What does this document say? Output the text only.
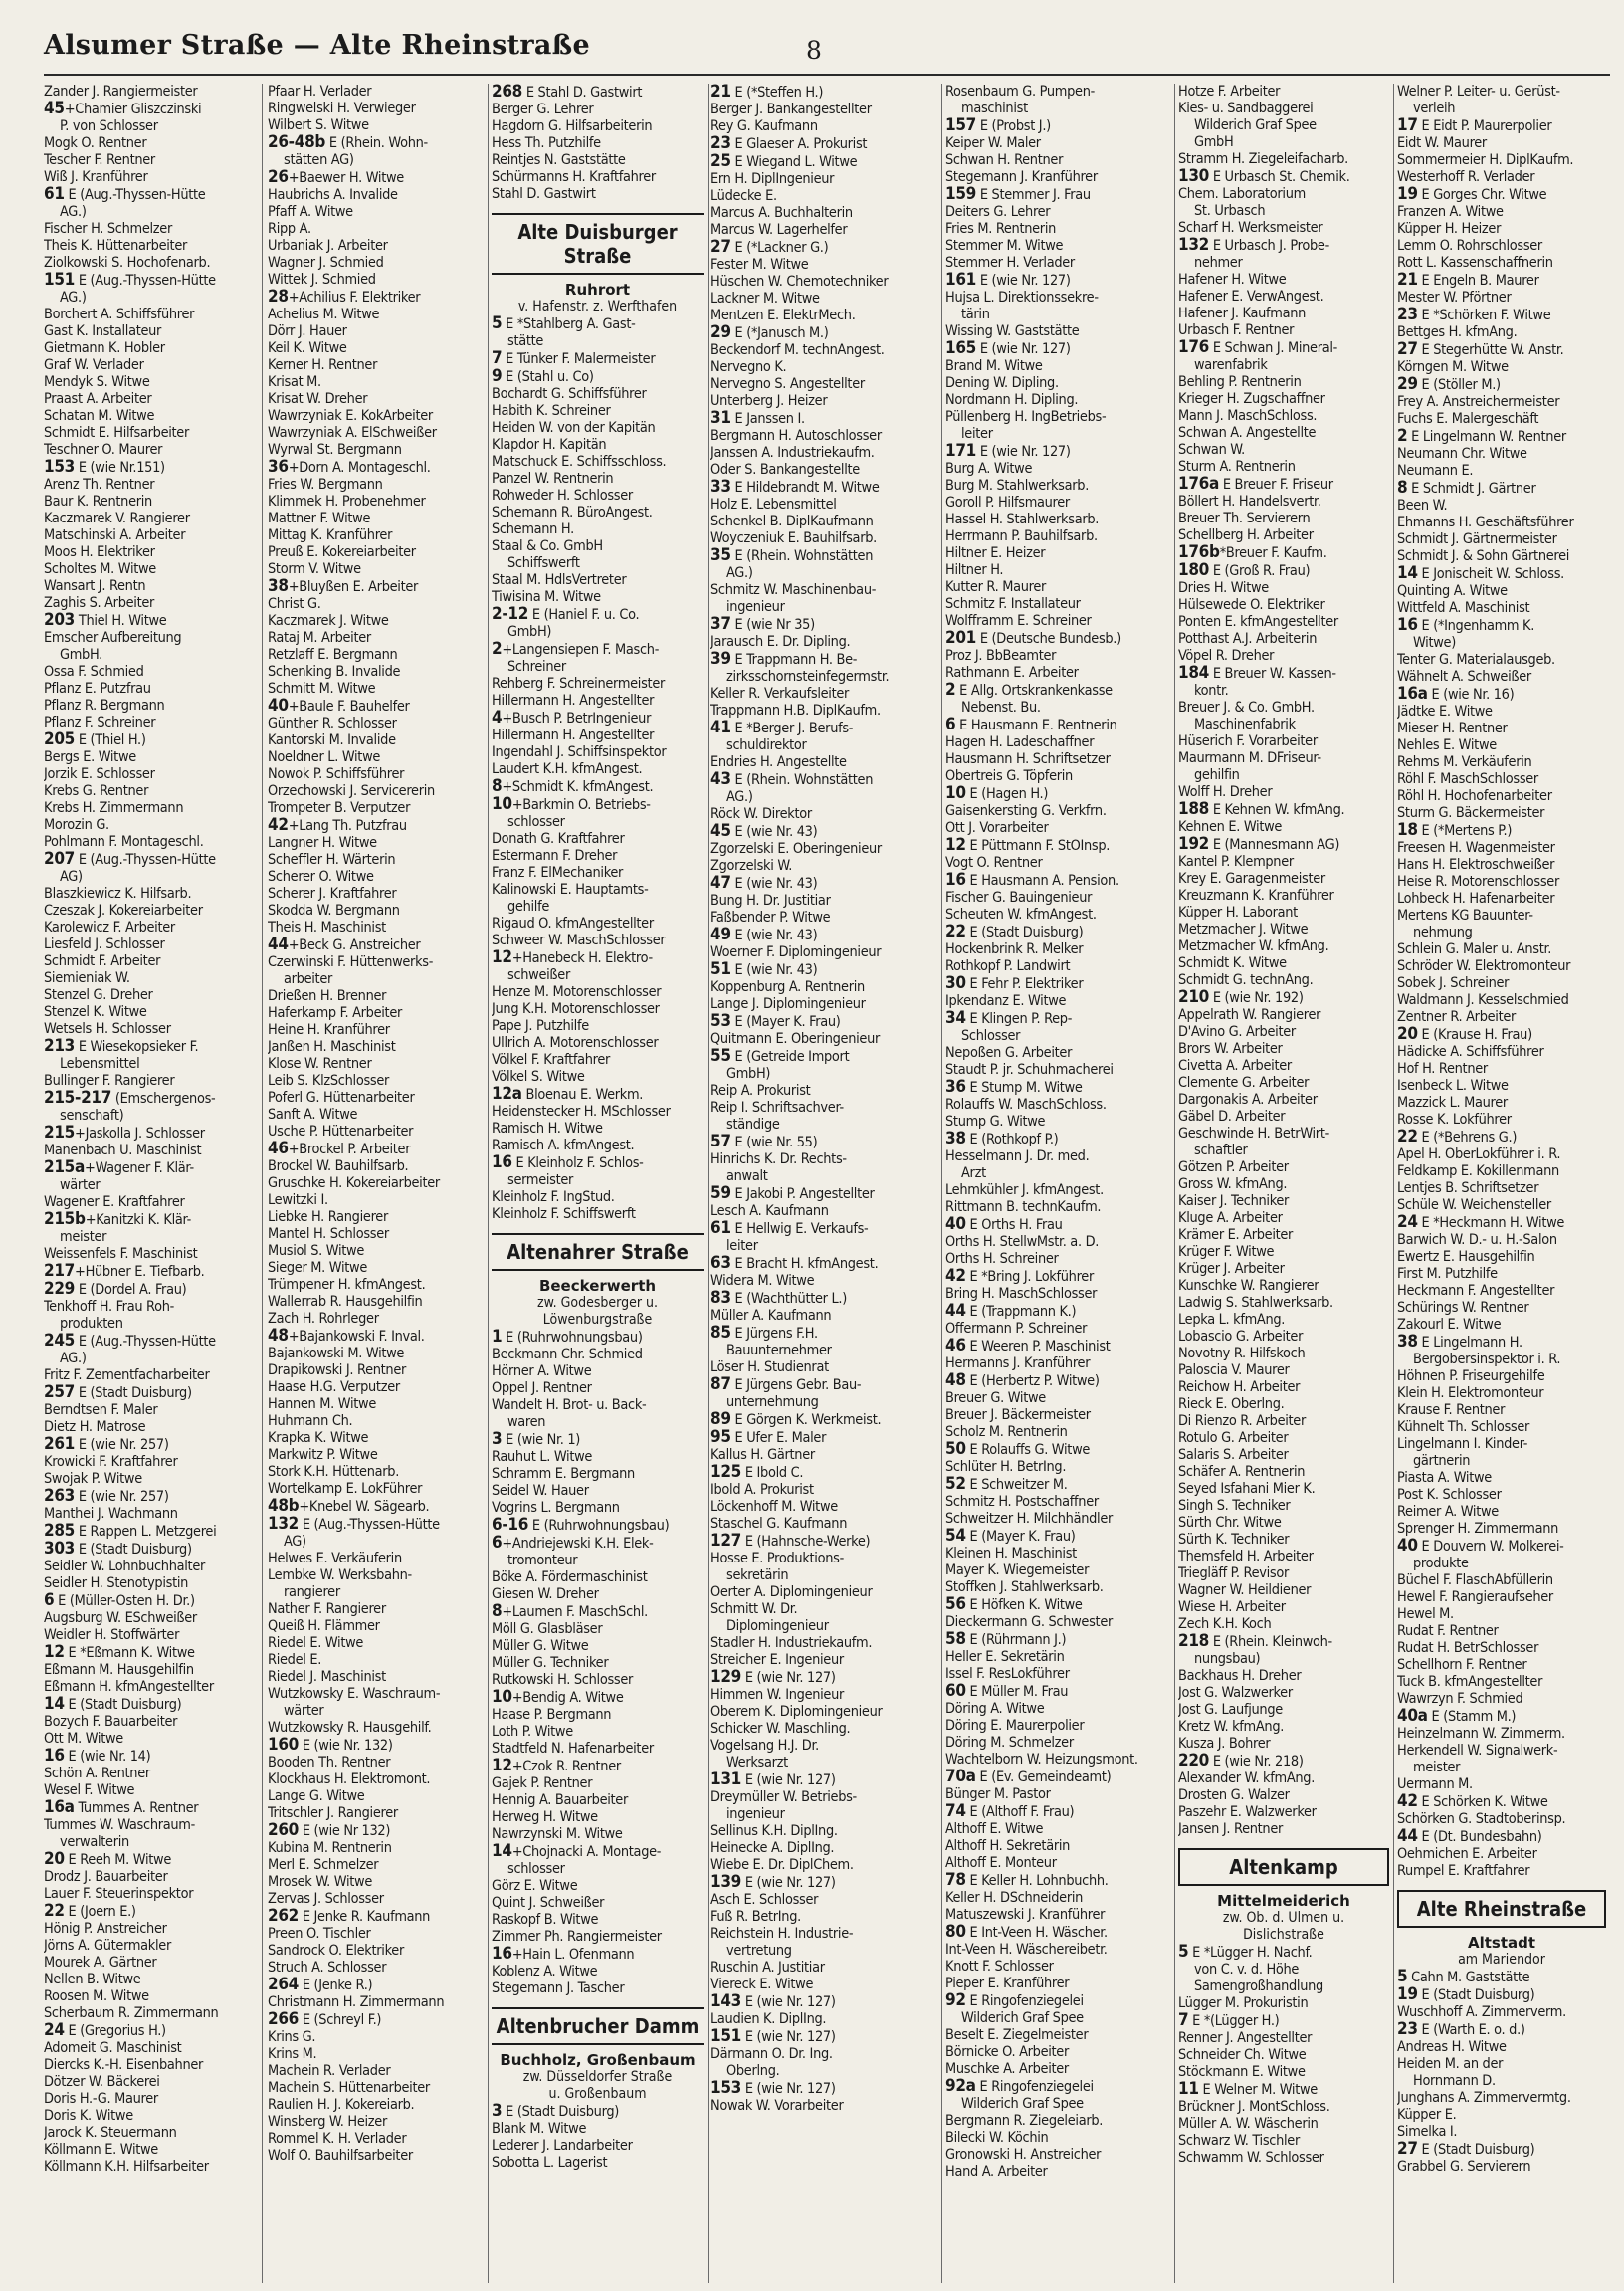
Alsumer Straße — Alte Rheinstraße	8
Zander J. Rangiermeister
45+Chamier Gliszczinski
P. von Schlosser
Mogk O. Rentner
Tescher F. Rentner
Wiß J. Kranführer
61 E (Aug.-Thyssen-Hütte
AG.)
Fischer H. Schmelzer
Theis K. Hüttenarbeiter
Ziolkowski S. Hochofenarb.
151 E (Aug.-Thyssen-Hütte
AG.)
Borchert A. Schiffsführer
Gast K. Installateur
Gietmann K. Hobler
Graf W. Verlader
Mendyk S. Witwe
Praast A. Arbeiter
Schatan M. Witwe
Schmidt E. Hilfsarbeiter
Teschner O. Maurer
153 E (wie Nr.151)
Arenz Th. Rentner
Baur K. Rentnerin
Kaczmarek V. Rangierer
Matschinski A. Arbeiter
Moos H. Elektriker
Scholtes M. Witwe
Wansart J. Rentn
Zaghis S. Arbeiter
203 Thiel H. Witwe
Emscher Aufbereitung
GmbH.
Ossa F. Schmied
Pflanz E. Putzfrau
Pflanz R. Bergmann
Pflanz F. Schreiner
205 E (Thiel H.)
Bergs E. Witwe
Jorzik E. Schlosser
Krebs G. Rentner
Krebs H. Zimmermann
Morozin G.
Pohlmann F. Montageschl.
207 E (Aug.-Thyssen-Hütte
AG)
Blaszkiewicz K. Hilfsarb.
Czeszak J. Kokereiarbeiter
Karolewicz F. Arbeiter
Liesfeld J. Schlosser
Schmidt F. Arbeiter
Siemieniak W.
Stenzel G. Dreher
Stenzel K. Witwe
Wetsels H. Schlosser
213 E Wiesekopsieker F.
Lebensmittel
Bullinger F. Rangierer
215-217 (Emschergenos-
senschaft)
215+Jaskolla J. Schlosser
Manenbach U. Maschinist
215a+Wagener F. Klär-
wärter
Wagener E. Kraftfahrer
215b+Kanitzki K. Klär-
meister
Weissenfels F. Maschinist
217+Hübner E. Tiefbarb.
229 E (Dordel A. Frau)
Tenkhoff H. Frau Roh-
produkten
245 E (Aug.-Thyssen-Hütte
AG.)
Fritz F. Zementfacharbeiter
257 E (Stadt Duisburg)
Berndtsen F. Maler
Dietz H. Matrose
261 E (wie Nr. 257)
Krowicki F. Kraftfahrer
Swojak P. Witwe
263 E (wie Nr. 257)
Manthei J. Wachmann
285 E Rappen L. Metzgerei
303 E (Stadt Duisburg)
Seidler W. Lohnbuchhalter
Seidler H. Stenotypistin
6 E (Müller-Osten H. Dr.)
Augsburg W. ESchweißer
Weidler H. Stoffwärter
12 E *Eßmann K. Witwe
Eßmann M. Hausgehilfin
Eßmann H. kfmAngestellter
14 E (Stadt Duisburg)
Bozych F. Bauarbeiter
Ott M. Witwe
16 E (wie Nr. 14)
Schön A. Rentner
Wesel F. Witwe
16a Tummes A. Rentner
Tummes W. Waschraum-
verwalterin
20 E Reeh M. Witwe
Drodz J. Bauarbeiter
Lauer F. Steuerinspektor
22 E (Joern E.)
Hönig P. Anstreicher
Jörns A. Gütermakler
Mourek A. Gärtner
Nellen B. Witwe
Roosen M. Witwe
Scherbaum R. Zimmermann
24 E (Gregorius H.)
Adomeit G. Maschinist
Diercks K.-H. Eisenbahner
Dötzer W. Bäckerei
Doris H.-G. Maurer
Doris K. Witwe
Jarock K. Steuermann
Köllmann E. Witwe
Köllmann K.H. Hilfsarbeiter
Pfaar H. Verlader
Ringwelski H. Verwieger
Wilbert S. Witwe
26-48b E (Rhein. Wohn-
stätten AG)
26+Baewer H. Witwe
Haubrichs A. Invalide
Pfaff A. Witwe
Ripp A.
Urbaniak J. Arbeiter
Wagner J. Schmied
Wittek J. Schmied
28+Achilius F. Elektriker
Achelius M. Witwe
Dörr J. Hauer
Keil K. Witwe
Kerner H. Rentner
Krisat M.
Krisat W. Dreher
Wawrzyniak E. KokArbeiter
Wawrzyniak A. ElSchweißer
Wyrwal St. Bergmann
36+Dorn A. Montageschl.
Fries W. Bergmann
Klimmek H. Probenehmer
Mattner F. Witwe
Mittag K. Kranführer
Preuß E. Kokereiarbeiter
Storm V. Witwe
38+Bluyßen E. Arbeiter
Christ G.
Kaczmarek J. Witwe
Rataj M. Arbeiter
Retzlaff E. Bergmann
Schenking B. Invalide
Schmitt M. Witwe
40+Baule F. Bauhelfer
Günther R. Schlosser
Kantorski M. Invalide
Noeldner L. Witwe
Nowok P. Schiffsführer
Orzechowski J. Servicererin
Trompeter B. Verputzer
42+Lang Th. Putzfrau
Langner H. Witwe
Scheffler H. Wärterin
Scherer O. Witwe
Scherer J. Kraftfahrer
Skodda W. Bergmann
Theis H. Maschinist
44+Beck G. Anstreicher
Czerwinski F. Hüttenwerks-
arbeiter
Drießen H. Brenner
Haferkamp F. Arbeiter
Heine H. Kranführer
Janßen H. Maschinist
Klose W. Rentner
Leib S. KlzSchlosser
Poferl G. Hüttenarbeiter
Sanft A. Witwe
Usche P. Hüttenarbeiter
46+Brockel P. Arbeiter
Brockel W. Bauhilfsarb.
Gruschke H. Kokereiarbeiter
Lewitzki I.
Liebke H. Rangierer
Mantel H. Schlosser
Musiol S. Witwe
Sieger M. Witwe
Trümpener H. kfmAngest.
Wallerrab R. Hausgehilfin
Zach H. Rohrleger
48+Bajankowski F. Inval.
Bajankowski M. Witwe
Drapikowski J. Rentner
Haase H.G. Verputzer
Hannen M. Witwe
Huhmann Ch.
Krapka K. Witwe
Markwitz P. Witwe
Stork K.H. Hüttenarb.
Wortelkamp E. LokFührer
48b+Knebel W. Sägearb.
132 E (Aug.-Thyssen-Hütte
AG)
Helwes E. Verkäuferin
Lembke W. Werksbahn-
rangierer
Nather F. Rangierer
Queiß H. Flämmer
Riedel E. Witwe
Riedel E.
Riedel J. Maschinist
Wutzkowsky E. Waschraum-
wärter
Wutzkowsky R. Hausgehilf.
160 E (wie Nr. 132)
Booden Th. Rentner
Klockhaus H. Elektromont.
Lange G. Witwe
Tritschler J. Rangierer
260 E (wie Nr 132)
Kubina M. Rentnerin
Merl E. Schmelzer
Mrosek W. Witwe
Zervas J. Schlosser
262 E Jenke R. Kaufmann
Preen O. Tischler
Sandrock O. Elektriker
Struch A. Schlosser
264 E (Jenke R.)
Christmann H. Zimmermann
266 E (Schreyl F.)
Krins G.
Krins M.
Machein R. Verlader
Machein S. Hüttenarbeiter
Raulien H. J. Kokereiarb.
Winsberg W. Heizer
Rommel K. H. Verlader
Wolf O. Bauhilfsarbeiter
268 E Stahl D. Gastwirt
Berger G. Lehrer
Hagdorn G. Hilfsarbeiterin
Hess Th. Putzhilfe
Reintjes N. Gaststätte
Schürmanns H. Kraftfahrer
Stahl D. Gastwirt
Alte Duisburger Straße
Ruhrort
v. Hafenstr. z. Werfthafen
5 E *Stahlberg A. Gast-
stätte
7 E Tünker F. Malermeister
9 E (Stahl u. Co)
Bochardt G. Schiffsführer
Habith K. Schreiner
Heiden W. von der Kapitän
Klapdor H. Kapitän
Matschuck E. Schiffsschloss.
Panzel W. Rentnerin
Rohweder H. Schlosser
Schemann R. BüroAngest.
Schemann H.
Staal & Co. GmbH
Schiffswerft
Staal M. HdlsVertreter
Tiwisina M. Witwe
2-12 E (Haniel F. u. Co.
GmbH)
2+Langensiepen F. Masch-
Schreiner
Rehberg F. Schreinermeister
Hillermann H. Angestellter
4+Busch P. BetrIngenieur
Hillermann H. Angestellter
Ingendahl J. Schiffsinspektor
Laudert K.H. kfmAngest.
8+Schmidt K. kfmAngest.
10+Barkmin O. Betriebs-
schlosser
Donath G. Kraftfahrer
Estermann F. Dreher
Franz F. ElMechaniker
Kalinowski E. Hauptamts-
gehilfe
Rigaud O. kfmAngestellter
Schweer W. MaschSchlosser
12+Hanebeck H. Elektro-
schweißer
Henze M. Motorenschlosser
Jung K.H. Motorenschlosser
Pape J. Putzhilfe
Ullrich A. Motorenschlosser
Völkel F. Kraftfahrer
Völkel S. Witwe
12a Bloenau E. Werkm.
Heidenstecker H. MSchlosser
Ramisch H. Witwe
Ramisch A. kfmAngest.
16 E Kleinholz F. Schlos-
sermeister
Kleinholz F. IngStud.
Kleinholz F. Schiffswerft
Altenahrer Straße
Beeckerwerth
zw. Godesberger u.
Löwenburgstraße
1 E (Ruhrwohnungsbau)
Beckmann Chr. Schmied
Hörner A. Witwe
Oppel J. Rentner
Wandelt H. Brot- u. Back-
waren
3 E (wie Nr. 1)
Rauhut L. Witwe
Schramm E. Bergmann
Seidel W. Hauer
Vogrins L. Bergmann
6-16 E (Ruhrwohnungsbau)
6+Andriejewski K.H. Elek-
tromonteur
Böke A. Fördermaschinist
Giesen W. Dreher
8+Laumen F. MaschSchl.
Möll G. Glasbläser
Müller G. Witwe
Müller G. Techniker
Rutkowski H. Schlosser
10+Bendig A. Witwe
Haase P. Bergmann
Loth P. Witwe
Stadtfeld N. Hafenarbeiter
12+Czok R. Rentner
Gajek P. Rentner
Hennig A. Bauarbeiter
Herweg H. Witwe
Nawrzynski M. Witwe
14+Chojnacki A. Montage-
schlosser
Görz E. Witwe
Quint J. Schweißer
Raskopf B. Witwe
Zimmer Ph. Rangiermeister
16+Hain L. Ofenmann
Koblenz A. Witwe
Stegemann J. Tascher
Altenbrucher Damm
Buchholz, Großenbaum
zw. Düsseldorfer Straße
u. Großenbaum
3 E (Stadt Duisburg)
Blank M. Witwe
Lederer J. Landarbeiter
Sobotta L. Lagerist
21 E (*Steffen H.)
Berger J. Bankangestellter
Rey G. Kaufmann
23 E Glaeser A. Prokurist
25 E Wiegand L. Witwe
Ern H. DiplIngenieur
Lüdecke E.
Marcus A. Buchhalterin
Marcus W. Lagerhelfer
27 E (*Lackner G.)
Fester M. Witwe
Hüschen W. Chemotechniker
Lackner M. Witwe
Mentzen E. ElektrMech.
29 E (*Janusch M.)
Beckendorf M. technAngest.
Nervegno K.
Nervegno S. Angestellter
Unterberg J. Heizer
31 E Janssen I.
Bergmann H. Autoschlosser
Janssen A. Industriekaufm.
Oder S. Bankangestellte
33 E Hildebrandt M. Witwe
Holz E. Lebensmittel
Schenkel B. DiplKaufmann
Woyczeniuk E. Bauhilfsarb.
35 E (Rhein. Wohnstätten
AG.)
Schmitz W. Maschinenbau-
ingenieur
37 E (wie Nr 35)
Jarausch E. Dr. Dipling.
39 E Trappmann H. Be-
zirksschornsteinfegermstr.
Keller R. Verkaufsleiter
Trappmann H.B. DiplKaufm.
41 E *Berger J. Berufs-
schuldirektor
Endries H. Angestellte
43 E (Rhein. Wohnstätten
AG.)
Röck W. Direktor
45 E (wie Nr. 43)
Zgorzelski E. Oberingenieur
Zgorzelski W.
47 E (wie Nr. 43)
Bung H. Dr. Justitiar
Faßbender P. Witwe
49 E (wie Nr. 43)
Woerner F. Diplomingenieur
51 E (wie Nr. 43)
Koppenburg A. Rentnerin
Lange J. Diplomingenieur
53 E (Mayer K. Frau)
Quitmann E. Oberingenieur
55 E (Getreide Import
GmbH)
Reip A. Prokurist
Reip I. Schriftsachver-
ständige
57 E (wie Nr. 55)
Hinrichs K. Dr. Rechts-
anwalt
59 E Jakobi P. Angestellter
Lesch A. Kaufmann
61 E Hellwig E. Verkaufs-
leiter
63 E Bracht H. kfmAngest.
Widera M. Witwe
83 E (Wachthütter L.)
Müller A. Kaufmann
85 E Jürgens F.H.
Bauunternehmer
Löser H. Studienrat
87 E Jürgens Gebr. Bau-
unternehmung
89 E Görgen K. Werkmeist.
95 E Ufer E. Maler
Kallus H. Gärtner
125 E Ibold C.
Ibold A. Prokurist
Löckenhoff M. Witwe
Staschel G. Kaufmann
127 E (Hahnsche-Werke)
Hosse E. Produktions-
sekretärin
Oerter A. Diplomingenieur
Schmitt W. Dr.
Diplomingenieur
Stadler H. Industriekaufm.
Streicher E. Ingenieur
129 E (wie Nr. 127)
Himmen W. Ingenieur
Oberem K. Diplomingenieur
Schicker W. Maschling.
Vogelsang H.J. Dr.
Werksarzt
131 E (wie Nr. 127)
Dreymüller W. Betriebs-
ingenieur
Sellinus K.H. DiplIng.
Heinecke A. DiplIng.
Wiebe E. Dr. DiplChem.
139 E (wie Nr. 127)
Asch E. Schlosser
Fuß R. BetrIng.
Reichstein H. Industrie-
vertretung
Ruschin A. Justitiar
Viereck E. Witwe
143 E (wie Nr. 127)
Laudien K. DiplIng.
151 E (wie Nr. 127)
Därmann O. Dr. Ing.
Oberlng.
153 E (wie Nr. 127)
Nowak W. Vorarbeiter
Rosenbaum G. Pumpen-
maschinist
157 E (Probst J.)
Keiper W. Maler
Schwan H. Rentner
Stegemann J. Kranführer
159 E Stemmer J. Frau
Deiters G. Lehrer
Fries M. Rentnerin
Stemmer M. Witwe
Stemmer H. Verlader
161 E (wie Nr. 127)
Hujsa L. Direktionssekre-
tärin
Wissing W. Gaststätte
165 E (wie Nr. 127)
Brand M. Witwe
Dening W. Dipling.
Nordmann H. Dipling.
Püllenberg H. IngBetriebs-
leiter
171 E (wie Nr. 127)
Burg A. Witwe
Burg M. Stahlwerksarb.
Goroll P. Hilfsmaurer
Hassel H. Stahlwerksarb.
Herrmann P. Bauhilfsarb.
Hiltner E. Heizer
Hiltner H.
Kutter R. Maurer
Schmitz F. Installateur
Wolfframm E. Schreiner
201 E (Deutsche Bundesb.)
Proz J. BbBeamter
Rathmann E. Arbeiter
2 E Allg. Ortskrankenkasse
Nebenst. Bu.
6 E Hausmann E. Rentnerin
Hagen H. Ladeschaffner
Hausmann H. Schriftsetzer
Obertreis G. Töpferin
10 E (Hagen H.)
Gaisenkersting G. Verkfrn.
Ott J. Vorarbeiter
12 E Püttmann F. StOInsp.
Vogt O. Rentner
16 E Hausmann A. Pension.
Fischer G. Bauingenieur
Scheuten W. kfmAngest.
22 E (Stadt Duisburg)
Hockenbrink R. Melker
Rothkopf P. Landwirt
30 E Fehr P. Elektriker
Ipkendanz E. Witwe
34 E Klingen P. Rep-
Schlosser
Nepoßen G. Arbeiter
Staudt P. jr. Schuhmacherei
36 E Stump M. Witwe
Rolauffs W. MaschSchloss.
Stump G. Witwe
38 E (Rothkopf P.)
Hesselmann J. Dr. med.
Arzt
Lehmkühler J. kfmAngest.
Rittmann B. technKaufm.
40 E Orths H. Frau
Orths H. StellwMstr. a. D.
Orths H. Schreiner
42 E *Bring J. Lokführer
Bring H. MaschSchlosser
44 E (Trappmann K.)
Offermann P. Schreiner
46 E Weeren P. Maschinist
Hermanns J. Kranführer
48 E (Herbertz P. Witwe)
Breuer G. Witwe
Breuer J. Bäckermeister
Scholz M. Rentnerin
50 E Rolauffs G. Witwe
Schlüter H. BetrIng.
52 E Schweitzer M.
Schmitz H. Postschaffner
Schweitzer H. Milchhändler
54 E (Mayer K. Frau)
Kleinen H. Maschinist
Mayer K. Wiegemeister
Stoffken J. Stahlwerksarb.
56 E Höfken K. Witwe
Dieckermann G. Schwester
58 E (Rührmann J.)
Heller E. Sekretärin
Issel F. ResLokführer
60 E Müller M. Frau
Döring A. Witwe
Döring E. Maurerpolier
Döring M. Schmelzer
Wachtelborn W. Heizungsmont.
70a E (Ev. Gemeindeamt)
Bünger M. Pastor
74 E (Althoff F. Frau)
Althoff E. Witwe
Althoff H. Sekretärin
Althoff E. Monteur
78 E Keller H. Lohnbuchh.
Keller H. DSchneiderin
Matuszewski J. Kranführer
80 E Int-Veen H. Wäscher.
Int-Veen H. Wäschereibetr.
Knott F. Schlosser
Pieper E. Kranführer
92 E Ringofenziegelei
Wilderich Graf Spee
Beselt E. Ziegelmeister
Börnicke O. Arbeiter
Muschke A. Arbeiter
92a E Ringofenziegelei
Wilderich Graf Spee
Bergmann R. Ziegeleiarb.
Bilecki W. Köchin
Gronowski H. Anstreicher
Hand A. Arbeiter
Hotze F. Arbeiter
Kies- u. Sandbaggerei
Wilderich Graf Spee
GmbH
Stramm H. Ziegeleifacharb.
130 E Urbasch St. Chemik.
Chem. Laboratorium
St. Urbasch
Scharf H. Werksmeister
132 E Urbasch J. Probe-
nehmer
Hafener H. Witwe
Hafener E. VerwAngest.
Hafener J. Kaufmann
Urbasch F. Rentner
176 E Schwan J. Mineral-
warenfabrik
Behling P. Rentnerin
Krieger H. Zugschaffner
Mann J. MaschSchloss.
Schwan A. Angestellte
Schwan W.
Sturm A. Rentnerin
176a E Breuer F. Friseur
Böllert H. Handelsvertr.
Breuer Th. Servierern
Schellberg H. Arbeiter
176b*Breuer F. Kaufm.
180 E (Groß R. Frau)
Dries H. Witwe
Hülsewede O. Elektriker
Ponten E. kfmAngestellter
Potthast A.J. Arbeiterin
Vöpel R. Dreher
184 E Breuer W. Kassen-
kontr.
Breuer J. & Co. GmbH.
Maschinenfabrik
Hüserich F. Vorarbeiter
Maurmann M. DFriseur-
gehilfin
Wolff H. Dreher
188 E Kehnen W. kfmAng.
Kehnen E. Witwe
192 E (Mannesmann AG)
Kantel P. Klempner
Krey E. Garagenmeister
Kreuzmann K. Kranführer
Küpper H. Laborant
Metzmacher J. Witwe
Metzmacher W. kfmAng.
Schmidt K. Witwe
Schmidt G. technAng.
210 E (wie Nr. 192)
Appelrath W. Rangierer
D'Avino G. Arbeiter
Brors W. Arbeiter
Civetta A. Arbeiter
Clemente G. Arbeiter
Dargonakis A. Arbeiter
Gäbel D. Arbeiter
Geschwinde H. BetrWirt-
schaftler
Götzen P. Arbeiter
Gross W. kfmAng.
Kaiser J. Techniker
Kluge A. Arbeiter
Krämer E. Arbeiter
Krüger F. Witwe
Krüger J. Arbeiter
Kunschke W. Rangierer
Ladwig S. Stahlwerksarb.
Lepka L. kfmAng.
Lobascio G. Arbeiter
Novotny R. Hilfskoch
Paloscia V. Maurer
Reichow H. Arbeiter
Rieck E. Oberlng.
Di Rienzo R. Arbeiter
Rotulo G. Arbeiter
Salaris S. Arbeiter
Schäfer A. Rentnerin
Seyed Isfahani Mier K.
Singh S. Techniker
Sürth Chr. Witwe
Sürth K. Techniker
Themsfeld H. Arbeiter
Triegläff P. Revisor
Wagner W. Heildiener
Wiese H. Arbeiter
Zech K.H. Koch
218 E (Rhein. Kleinwoh-
nungsbau)
Backhaus H. Dreher
Jost G. Walzwerker
Jost G. Laufjunge
Kretz W. kfmAng.
Kusza J. Bohrer
220 E (wie Nr. 218)
Alexander W. kfmAng.
Drosten G. Walzer
Paszehr E. Walzwerker
Jansen J. Rentner
Altenkamp
Mittelmeiderich
zw. Ob. d. Ulmen u.
Dislichstraße
5 E *Lügger H. Nachf.
von C. v. d. Höhe
Samengroßhandlung
Lügger M. Prokuristin
7 E *(Lügger H.)
Renner J. Angestellter
Schneider Ch. Witwe
Stöckmann E. Witwe
11 E Welner M. Witwe
Brückner J. MontSchloss.
Müller A. W. Wäscherin
Schwarz W. Tischler
Schwamm W. Schlosser
Welner P. Leiter- u. Gerüst-
verleih
17 E Eidt P. Maurerpolier
Eidt W. Maurer
Sommermeier H. DiplKaufm.
Westerhoff R. Verlader
19 E Gorges Chr. Witwe
Franzen A. Witwe
Küpper H. Heizer
Lemm O. Rohrschlosser
Rott L. Kassenschaffnerin
21 E Engeln B. Maurer
Mester W. Pförtner
23 E *Schörken F. Witwe
Bettges H. kfmAng.
27 E Stegerhütte W. Anstr.
Körngen M. Witwe
29 E (Stöller M.)
Frey A. Anstreichermeister
Fuchs E. Malergeschäft
2 E Lingelmann W. Rentner
Neumann Chr. Witwe
Neumann E.
8 E Schmidt J. Gärtner
Been W.
Ehmanns H. Geschäftsführer
Schmidt J. Gärtnermeister
Schmidt J. & Sohn Gärtnerei
14 E Jonischeit W. Schloss.
Quinting A. Witwe
Wittfeld A. Maschinist
16 E (*Ingenhamm K.
Witwe)
Tenter G. Materialausgeb.
Wähnelt A. Schweißer
16a E (wie Nr. 16)
Jädtke E. Witwe
Mieser H. Rentner
Nehles E. Witwe
Rehms M. Verkäuferin
Röhl F. MaschSchlosser
Röhl H. Hochofenarbeiter
Sturm G. Bäckermeister
18 E (*Mertens P.)
Freesen H. Wagenmeister
Hans H. Elektroschweißer
Heise R. Motorenschlosser
Lohbeck H. Hafenarbeiter
Mertens KG Bauunter-
nehmung
Schlein G. Maler u. Anstr.
Schröder W. Elektromonteur
Sobek J. Schreiner
Waldmann J. Kesselschmied
Zentner R. Arbeiter
20 E (Krause H. Frau)
Hädicke A. Schiffsführer
Hof H. Rentner
Isenbeck L. Witwe
Mazzick L. Maurer
Rosse K. Lokführer
22 E (*Behrens G.)
Apel H. OberLokführer i. R.
Feldkamp E. Kokillenmann
Lentjes B. Schriftsetzer
Schüle W. Weichensteller
24 E *Heckmann H. Witwe
Barwich W. D.- u. H.-Salon
Ewertz E. Hausgehilfin
First M. Putzhilfe
Heckmann F. Angestellter
Schürings W. Rentner
Zakourl E. Witwe
38 E Lingelmann H.
Bergobersinspektor i. R.
Höhnen P. Friseurgehilfe
Klein H. Elektromonteur
Krause F. Rentner
Kühnelt Th. Schlosser
Lingelmann I. Kinder-
gärtnerin
Piasta A. Witwe
Post K. Schlosser
Reimer A. Witwe
Sprenger H. Zimmermann
40 E Douvern W. Molkerei-
produkte
Büchel F. FlaschAbfüllerin
Hewel F. Rangieraufseher
Hewel M.
Rudat F. Rentner
Rudat H. BetrSchlosser
Schellhorn F. Rentner
Tuck B. kfmAngestellter
Wawrzyn F. Schmied
40a E (Stamm M.)
Heinzelmann W. Zimmerm.
Herkendell W. Signalwerk-
meister
Uermann M.
42 E Schörken K. Witwe
Schörken G. Stadtoberinsp.
44 E (Dt. Bundesbahn)
Oehmichen E. Arbeiter
Rumpel E. Kraftfahrer
Alte Rheinstraße
Altstadt
am Mariendor
5 Cahn M. Gaststätte
19 E (Stadt Duisburg)
Wuschhoff A. Zimmerverm.
23 E (Warth E. o. d.)
Andreas H. Witwe
Heiden M. an der
Hornmann D.
Junghans A. Zimmervermtg.
Küpper E.
Simelka I.
27 E (Stadt Duisburg)
Grabbel G. Servierern
